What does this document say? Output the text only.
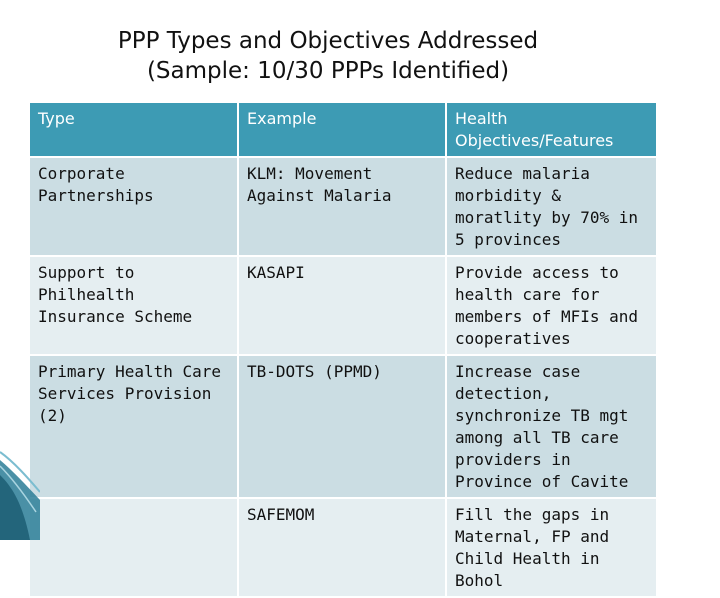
PPP Types and Objectives Addressed
(Sample: 10/30 PPPs Identified)
Type	Example	Health Objectives/Features
Corporate Partnerships	KLM: Movement Against Malaria	Reduce malaria morbidity & moratlity by 70% in 5 provinces
Support to Philhealth Insurance Scheme	KASAPI	Provide access to health care for members of MFIs and cooperatives
Primary Health Care Services Provision (2)	TB-DOTS (PPMD)	Increase case detection, synchronize TB mgt among all TB care providers in Province of Cavite
	SAFEMOM	Fill the gaps in Maternal, FP and Child Health in Bohol
